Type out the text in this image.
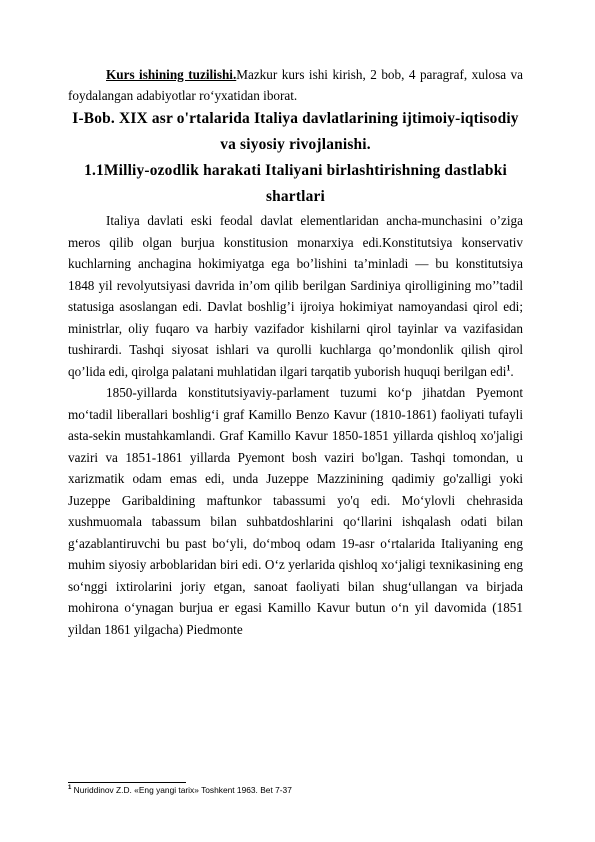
Kurs ishining tuzilishi.Mazkur kurs ishi kirish, 2 bob, 4 paragraf, xulosa va foydalangan adabiyotlar ro‘yxatidan iborat.

I-Bob. XIX asr o'rtalarida Italiya davlatlarining ijtimoiy-iqtisodiy va siyosiy rivojlanishi.

1.1Milliy-ozodlik harakati Italiyani birlashtirishning dastlabki shartlari

Italiya davlati eski feodal davlat elementlaridan ancha-munchasini o’ziga meros qilib olgan burjua konstitusion monarxiya edi.Konstitutsiya konservativ kuchlarning anchagina hokimiyatga ega bo’lishini ta’minladi — bu konstitutsiya 1848 yil revolyutsiyasi davrida in’om qilib berilgan Sardiniya qirolligining mo’’tadil statusiga asoslangan edi. Davlat boshlig’i ijroiya hokimiyat namoyandasi qirol edi; ministrlar, oliy fuqaro va harbiy vazifador kishilarni qirol tayinlar va vazifasidan tushirardi. Tashqi siyosat ishlari va qurolli kuchlarga qo’mondonlik qilish qirol qo’lida edi, qirolga palatani muhlatidan ilgari tarqatib yuborish huquqi berilgan edi$^1$.

1850-yillarda konstitutsiyaviy-parlament tuzumi ko‘p jihatdan Pyemont mo‘tadil liberallari boshlig‘i graf Kamillo Benzo Kavur (1810-1861) faoliyati tufayli asta-sekin mustahkamlandi. Graf Kamillo Kavur 1850-1851 yillarda qishloq xo'jaligi vaziri va 1851-1861 yillarda Pyemont bosh vaziri bo'lgan. Tashqi tomondan, u xarizmatik odam emas edi, unda Juzeppe Mazzinining qadimiy go'zalligi yoki Juzeppe Garibaldining maftunkor tabassumi yo'q edi. Mo‘ylovli chehrasida xushmuomala tabassum bilan suhbatdoshlarini qo‘llarini ishqalash odati bilan g‘azablantiruvchi bu past bo‘yli, do‘mboq odam 19-asr o‘rtalarida Italiyaning eng muhim siyosiy arboblaridan biri edi. O‘z yerlarida qishloq xo‘jaligi texnikasining eng so‘nggi ixtirolarini joriy etgan, sanoat faoliyati bilan shug‘ullangan va birjada mohirona o‘ynagan burjua er egasi Kamillo Kavur butun o‘n yil davomida (1851 yildan 1861 yilgacha) Piedmonte

$^1$ Nuriddinov Z.D. «Eng yangi tarix» Toshkent 1963. Bet 7-37
